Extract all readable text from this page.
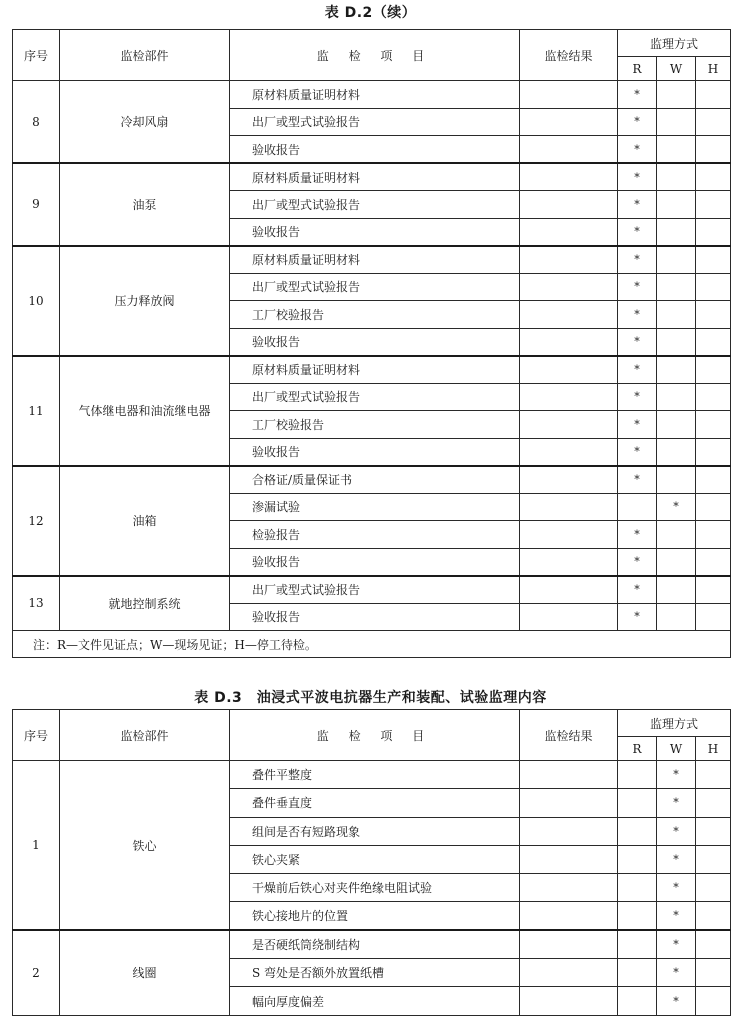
表 D.2（续）
序号	监检部件	监 检 项 目	监检结果	监理方式		
				R	W	H
8	冷却风扇	原材料质量证明材料		*		
		出厂或型式试验报告		*		
		验收报告		*		
9	油泵	原材料质量证明材料		*		
		出厂或型式试验报告		*		
		验收报告		*		
10	压力释放阀	原材料质量证明材料		*		
		出厂或型式试验报告		*		
		工厂校验报告		*		
		验收报告		*		
11	气体继电器和油流继电器	原材料质量证明材料		*		
		出厂或型式试验报告		*		
		工厂校验报告		*		
		验收报告		*		
12	油箱	合格证/质量保证书		*		
		渗漏试验			*	
		检验报告		*		
		验收报告		*		
13	就地控制系统	出厂或型式试验报告		*		
		验收报告		*		
注：R—文件见证点；W—现场见证；H—停工待检。						
表 D.3　油浸式平波电抗器生产和装配、试验监理内容
序号	监检部件	监 检 项 目	监检结果	监理方式		
				R	W	H
1	铁心	叠件平整度			*	
		叠件垂直度			*	
		组间是否有短路现象			*	
		铁心夹紧			*	
		干燥前后铁心对夹件绝缘电阻试验			*	
		铁心接地片的位置			*	
2	线圈	是否硬纸筒绕制结构			*	
		S 弯处是否额外放置纸槽			*	
		幅向厚度偏差			*	
